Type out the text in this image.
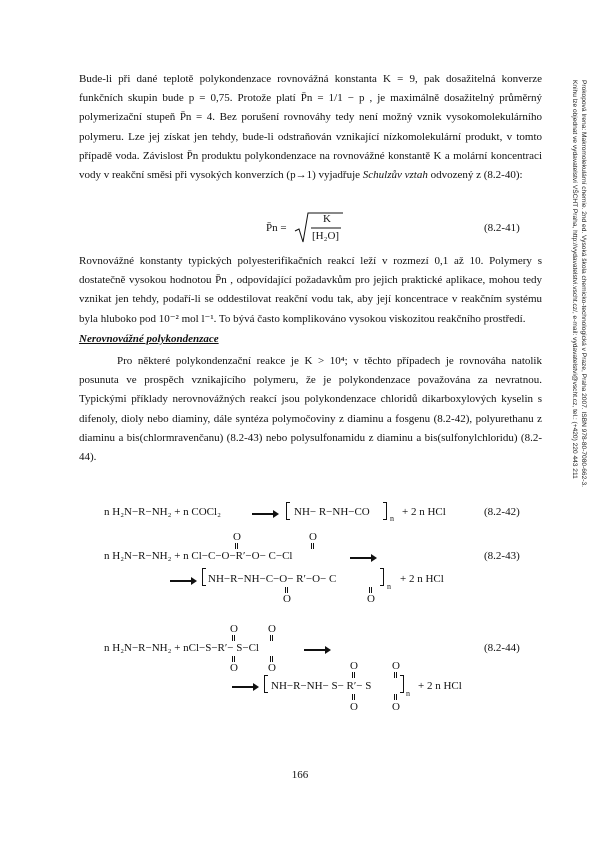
Prokopová Irena: Makromolekulární chemie. 2nd ed. Vysoká škola chemicko-technologická v Praze, Praha 2007. ISBN 978-80-7080-662-3.
Knihu lze objednat ve vydavatelství VŠCHT Praha, http://vydavatelstvi.vscht.cz/, e-mail: vydavatelstvi@vscht.cz, tel.: (+420) 220 443 211
Bude-li při dané teplotě polykondenzace rovnovážná konstanta K = 9, pak dosažitelná konverze funkčních skupin bude p = 0,75. Protože platí P̄n = 1/1 − p , je maximálně dosažitelný průměrný polymerizační stupeň P̄n = 4. Bez porušení rovnováhy tedy není možný vznik vysokomolekulárního polymeru. Lze jej získat jen tehdy, bude-li odstraňován vznikající nízkomolekulární produkt, v tomto případě voda. Závislost P̄n produktu polykondenzace na rovnovážné konstantě K a molární koncentraci vody v reakční směsi při vysokých konverzích (p→1) vyjadřuje Schulzův vztah odvozený z (8.2-40):
P̄n =
K
[H₂O]
(8.2-41)
Rovnovážné konstanty typických polyesterifikačních reakcí leží v rozmezí 0,1 až 10. Polymery s dostatečně vysokou hodnotou P̄n , odpovídající požadavkům pro jejich praktické aplikace, mohou tedy vznikat jen tehdy, podaří-li se oddestilovat reakční vodu tak, aby její koncentrace v reakčním systému byla hluboko pod 10⁻² mol l⁻¹. To bývá často komplikováno vysokou viskozitou reakčního prostředí.
Nerovnovážné polykondenzace
Pro některé polykondenzační reakce je K > 10⁴; v těchto případech je rovnováha natolik posunuta ve prospěch vznikajícího polymeru, že je polykondenzace považována za nevratnou. Typickými příklady nerovnovážných reakcí jsou polykondenzace chloridů dikarboxylových kyselin s difenoly, dioly nebo diaminy, dále syntéza polymočoviny z diaminu a fosgenu (8.2-42), polyurethanu z diaminu a bis(chlormravenčanu) (8.2-43) nebo polysulfonamidu z diaminu a bis(sulfonylchloridu) (8.2-44).
n H₂N−R−NH₂ + n COCl₂ → NH− R−NH−CO
n
+ 2 n HCl	(8.2-42)
O	O
n H₂N−R−NH₂ + n Cl−C−O−R′−O− C−Cl	(8.2-43)
→ NH−R−NH−C−O− R′−O− C
n
+ 2 n HCl
O	O
O	O
n H₂N−R−NH₂ + nCl−S−R′− S−Cl	(8.2-44)
O	O	O	O
→ NH−R−NH− S− R′− S
n
+ 2 n HCl
O	O
166
